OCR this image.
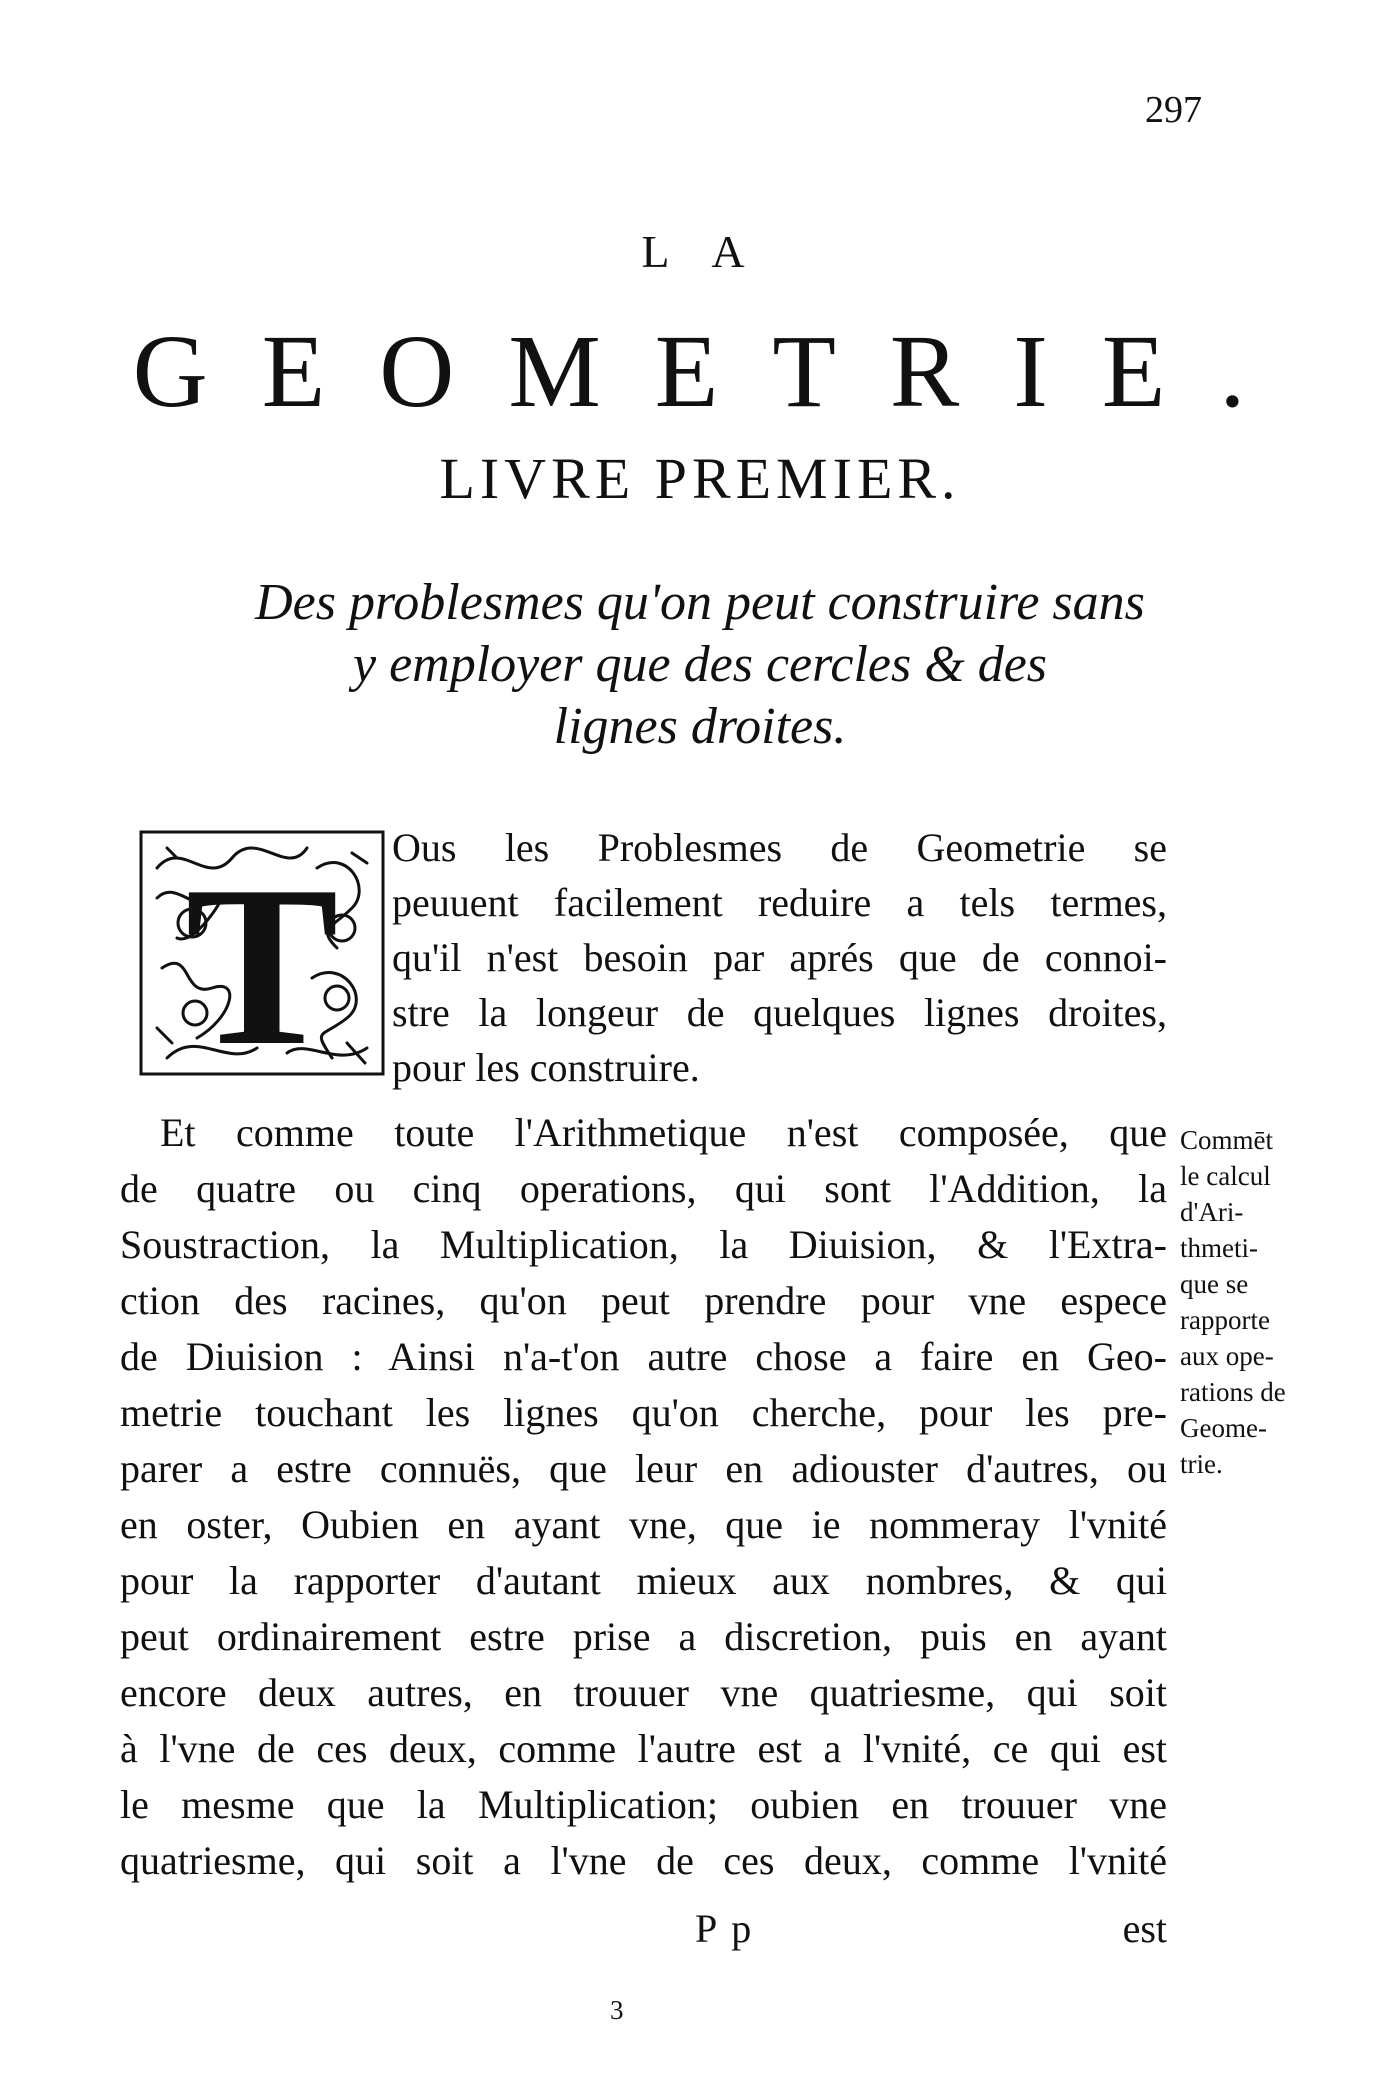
297
LA
GEOMETRIE.
LIVRE PREMIER.
Des problesmes qu'on peut construire sans
y employer que des cercles & des
lignes droites.
T Ous les Problesmes de Geometrie se
peuuent facilement reduire a tels termes,
qu'il n'est besoin par aprés que de connoi-
stre la longeur de quelques lignes droites,
pour les construire.
Et comme toute l'Arithmetique n'est composée, que
de quatre ou cinq operations, qui sont l'Addition, la
Soustraction, la Multiplication, la Diuision, & l'Extra-
ction des racines, qu'on peut prendre pour vne espece
de Diuision : Ainsi n'a-t'on autre chose a faire en Geo-
metrie touchant les lignes qu'on cherche, pour les pre-
parer a estre connuës, que leur en adiouster d'autres, ou
en oster, Oubien en ayant vne, que ie nommeray l'vnité
pour la rapporter d'autant mieux aux nombres, & qui
peut ordinairement estre prise a discretion, puis en ayant
encore deux autres, en trouuer vne quatriesme, qui soit
à l'vne de ces deux, comme l'autre est a l'vnité, ce qui est
le mesme que la Multiplication; oubien en trouuer vne
quatriesme, qui soit a l'vne de ces deux, comme l'vnité
Commēt
le calcul
d'Ari-
thmeti-
que se
rapporte
aux ope-
rations de
Geome-
trie.
Pp	est
3
